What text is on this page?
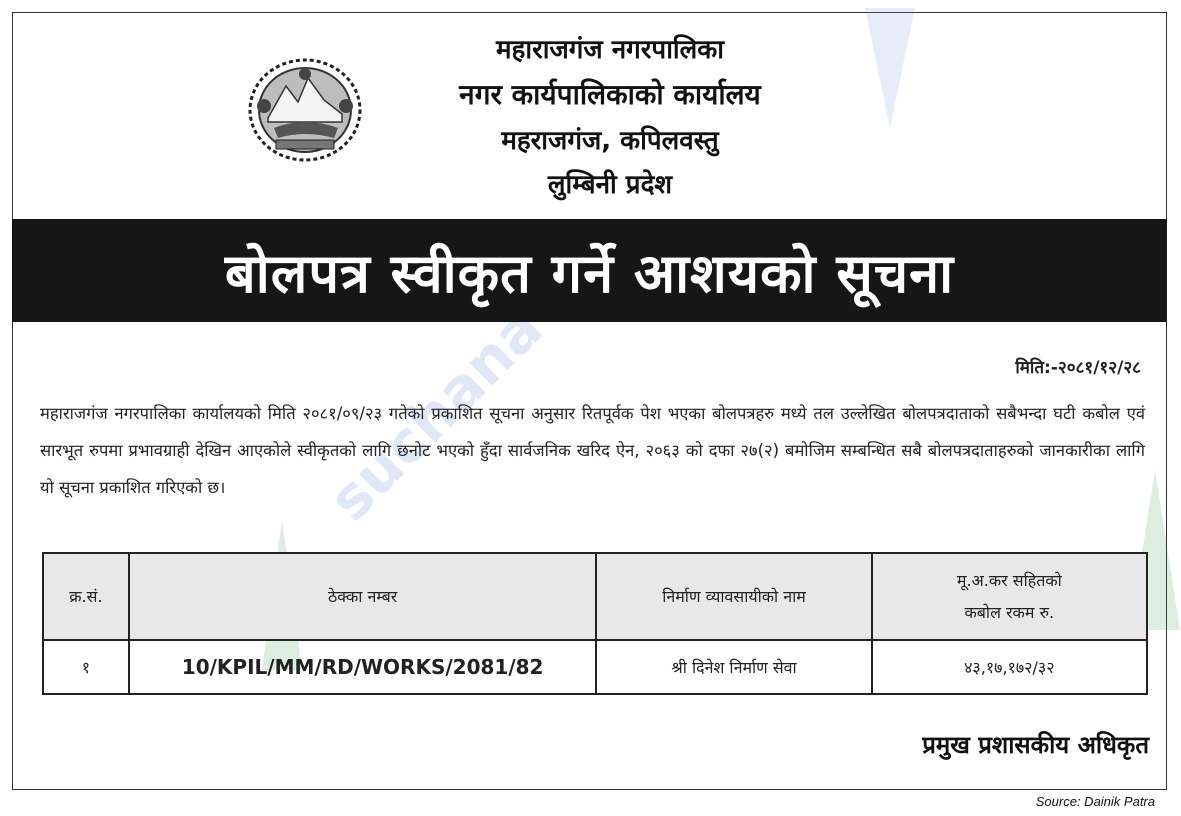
महाराजगंज नगरपालिका
नगर कार्यपालिकाको कार्यालय
महराजगंज, कपिलवस्तु
लुम्बिनी प्रदेश
बोलपत्र स्वीकृत गर्ने आशयको सूचना
मिति:-२०८१/१२/२८
महाराजगंज नगरपालिका कार्यालयको मिति २०८१/०९/२३ गतेको प्रकाशित सूचना अनुसार रितपूर्वक पेश भएका बोलपत्रहरु मध्ये तल उल्लेखित बोलपत्रदाताको सबैभन्दा घटी कबोल एवं सारभूत रुपमा प्रभावग्राही देखिन आएकोले स्वीकृतको लागि छनोट भएको हुँदा सार्वजनिक खरिद ऐन, २०६३ को दफा २७(२) बमोजिम सम्बन्धित सबै बोलपत्रदाताहरुको जानकारीका लागि यो सूचना प्रकाशित गरिएको छ।
क्र.सं.	ठेक्का नम्बर	निर्माण व्यावसायीको नाम	मू.अ.कर सहितको
कबोल रकम रु.
१	10/KPIL/MM/RD/WORKS/2081/82	श्री दिनेश निर्माण सेवा	४३,१७,१७२/३२
प्रमुख प्रशासकीय अधिकृत
Source: Dainik Patra
